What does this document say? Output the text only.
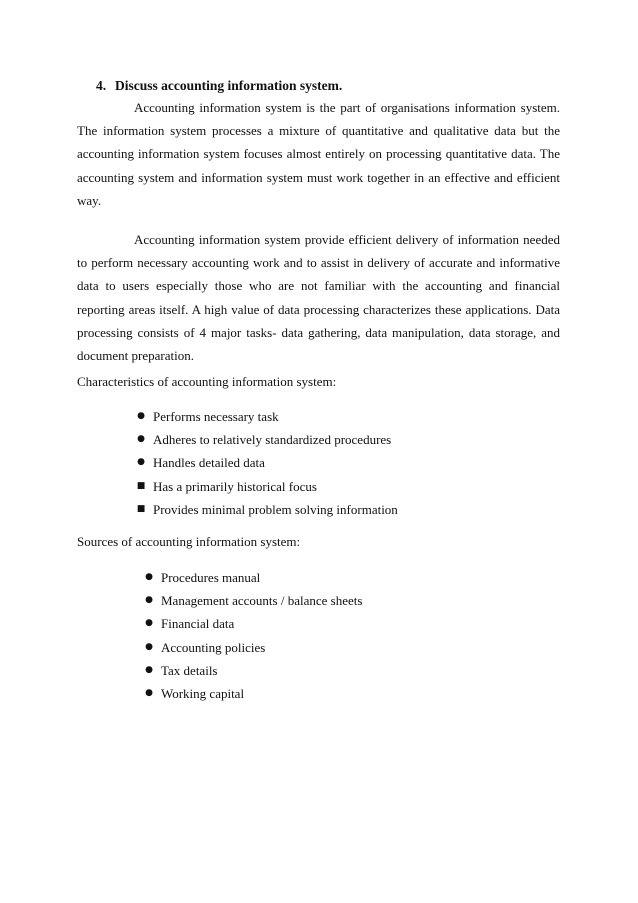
4. Discuss accounting information system.

Accounting information system is the part of organisations information system. The information system processes a mixture of quantitative and qualitative data but the accounting information system focuses almost entirely on processing quantitative data. The accounting system and information system must work together in an effective and efficient way.

Accounting information system provide efficient delivery of information needed to perform necessary accounting work and to assist in delivery of accurate and informative data to users especially those who are not familiar with the accounting and financial reporting areas itself. A high value of data processing characterizes these applications. Data processing consists of 4 major tasks- data gathering, data manipulation, data storage, and document preparation.

Characteristics of accounting information system:
● Performs necessary task
● Adheres to relatively standardized procedures
● Handles detailed data
■ Has a primarily historical focus
■ Provides minimal problem solving information
Sources of accounting information system:
● Procedures manual
● Management accounts / balance sheets
● Financial data
● Accounting policies
● Tax details
● Working capital
